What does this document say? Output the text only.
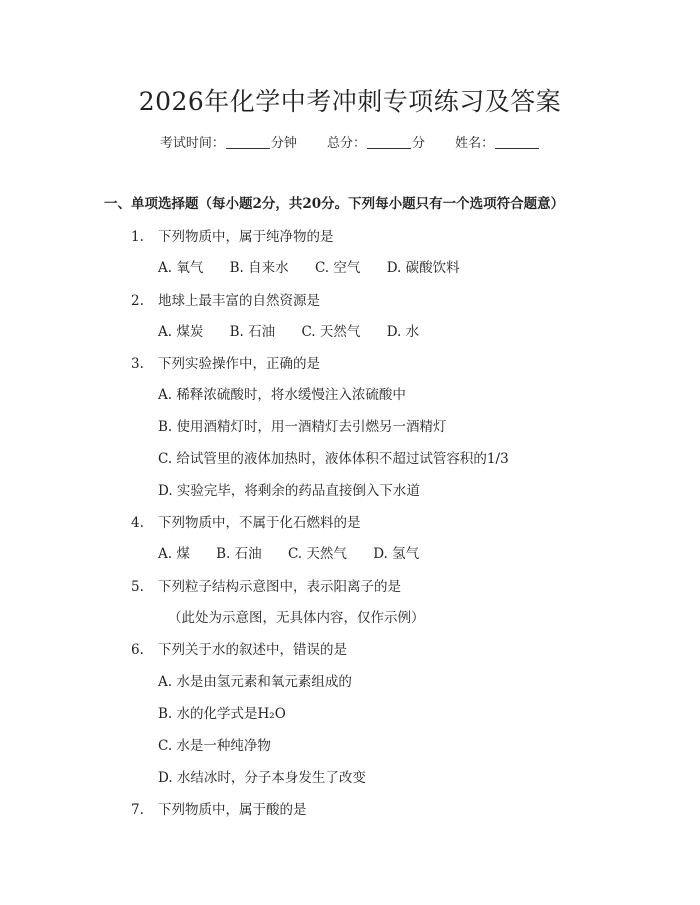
2026年化学中考冲刺专项练习及答案
考试时间：	分钟 总分：	分 姓名：
一、单项选择题（每小题2分，共20分。下列每小题只有一个选项符合题意）
1. 下列物质中，属于纯净物的是
A. 氧气 B. 自来水 C. 空气 D. 碳酸饮料
2. 地球上最丰富的自然资源是
A. 煤炭 B. 石油 C. 天然气 D. 水
3. 下列实验操作中，正确的是
A. 稀释浓硫酸时，将水缓慢注入浓硫酸中
B. 使用酒精灯时，用一酒精灯去引燃另一酒精灯
C. 给试管里的液体加热时，液体体积不超过试管容积的1/3
D. 实验完毕，将剩余的药品直接倒入下水道
4. 下列物质中，不属于化石燃料的是
A. 煤 B. 石油 C. 天然气 D. 氢气
5. 下列粒子结构示意图中，表示阳离子的是
（此处为示意图，无具体内容，仅作示例）
6. 下列关于水的叙述中，错误的是
A. 水是由氢元素和氧元素组成的
B. 水的化学式是H₂O
C. 水是一种纯净物
D. 水结冰时，分子本身发生了改变
7. 下列物质中，属于酸的是
